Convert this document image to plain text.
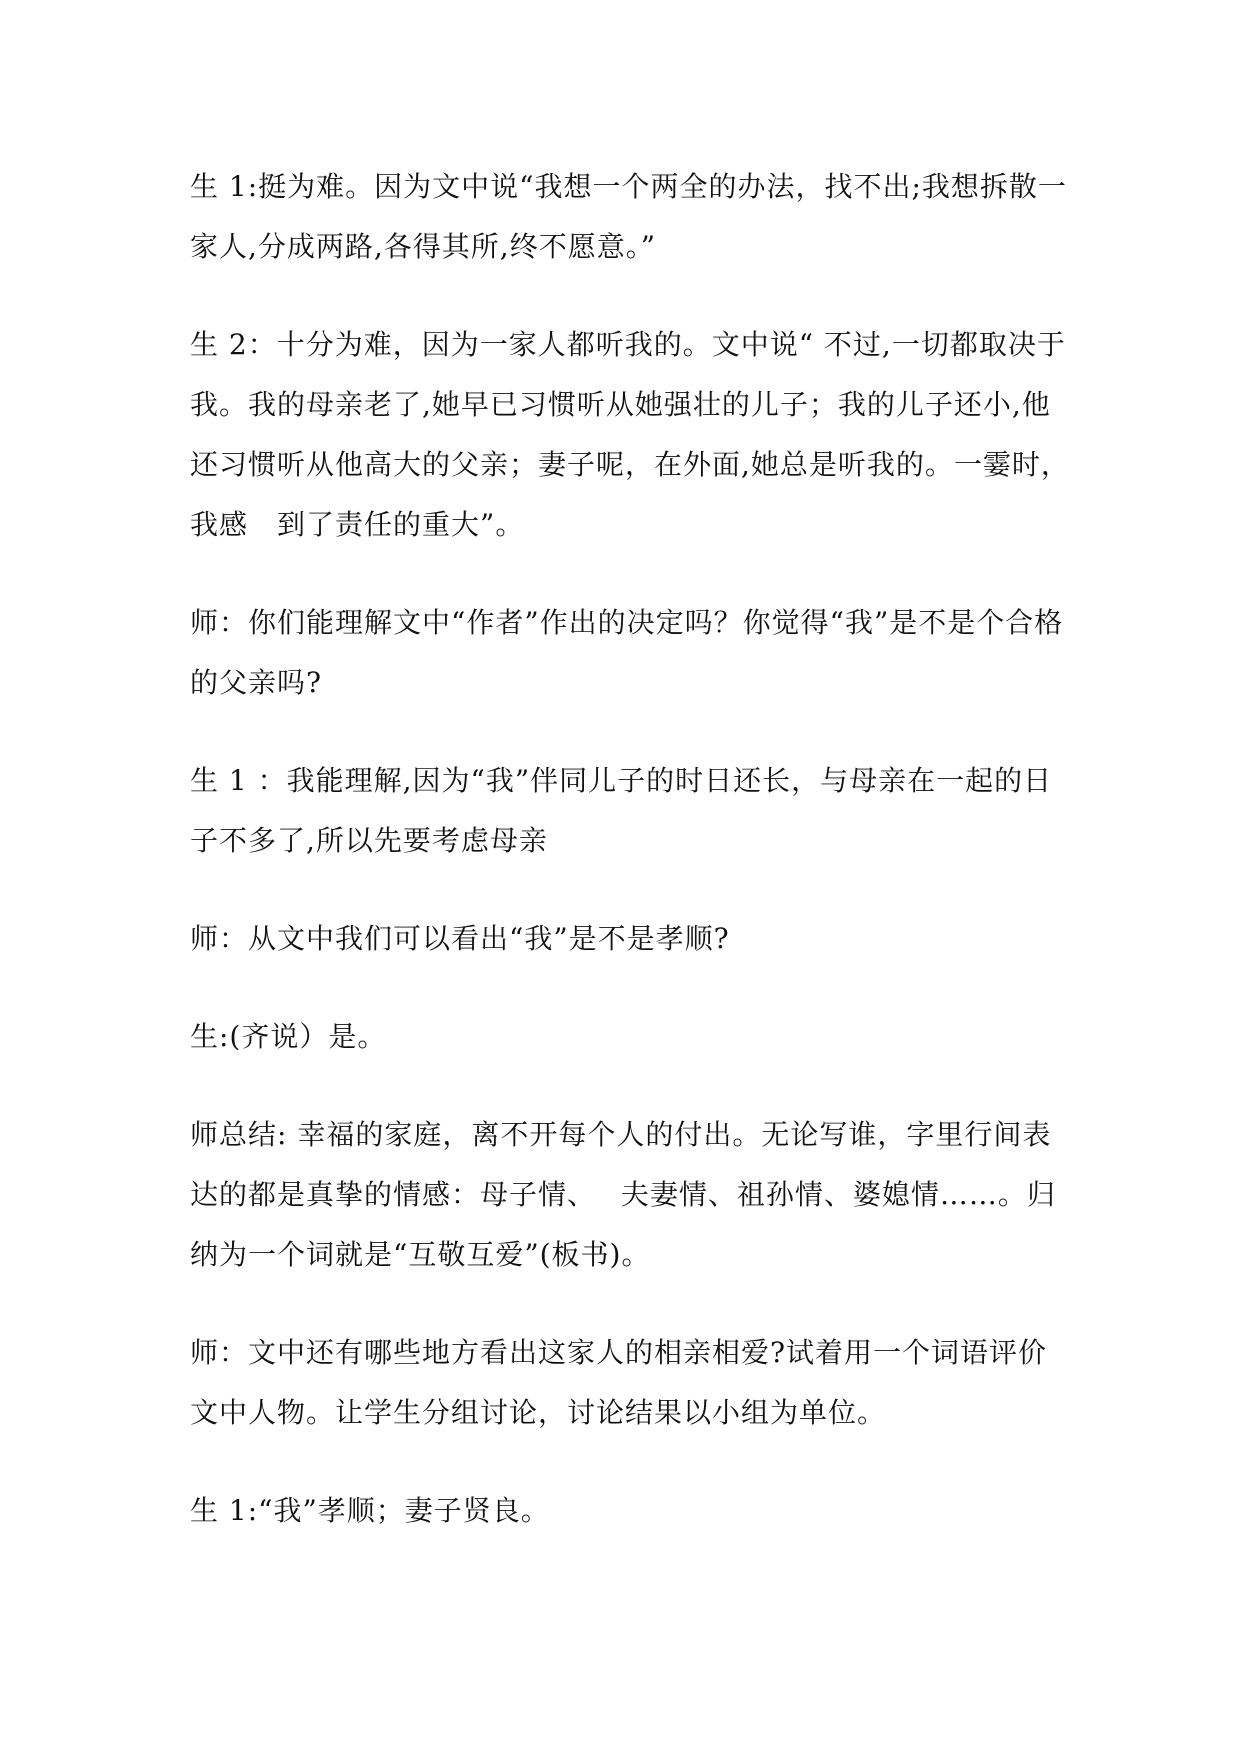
生 1:挺为难。因为文中说“我想一个两全的办法，找不出;我想拆散一家人,分成两路,各得其所,终不愿意。”

生 2：十分为难，因为一家人都听我的。文中说“ 不过,一切都取决于我。我的母亲老了,她早已习惯听从她强壮的儿子；我的儿子还小,他还习惯听从他高大的父亲；妻子呢，在外面,她总是听我的。一霎时，我感　到了责任的重大”。

师：你们能理解文中“作者”作出的决定吗？你觉得“我”是不是个合格的父亲吗?

生 1 ：我能理解,因为“我”伴同儿子的时日还长，与母亲在一起的日子不多了,所以先要考虑母亲

师：从文中我们可以看出“我”是不是孝顺?

生:(齐说）是。

师总结: 幸福的家庭，离不开每个人的付出。无论写谁，字里行间表达的都是真挚的情感：母子情、　 夫妻情、祖孙情、婆媳情……。归纳为一个词就是“互敬互爱”(板书)。

师：文中还有哪些地方看出这家人的相亲相爱?试着用一个词语评价文中人物。让学生分组讨论，讨论结果以小组为单位。

生 1:“我”孝顺；妻子贤良。
